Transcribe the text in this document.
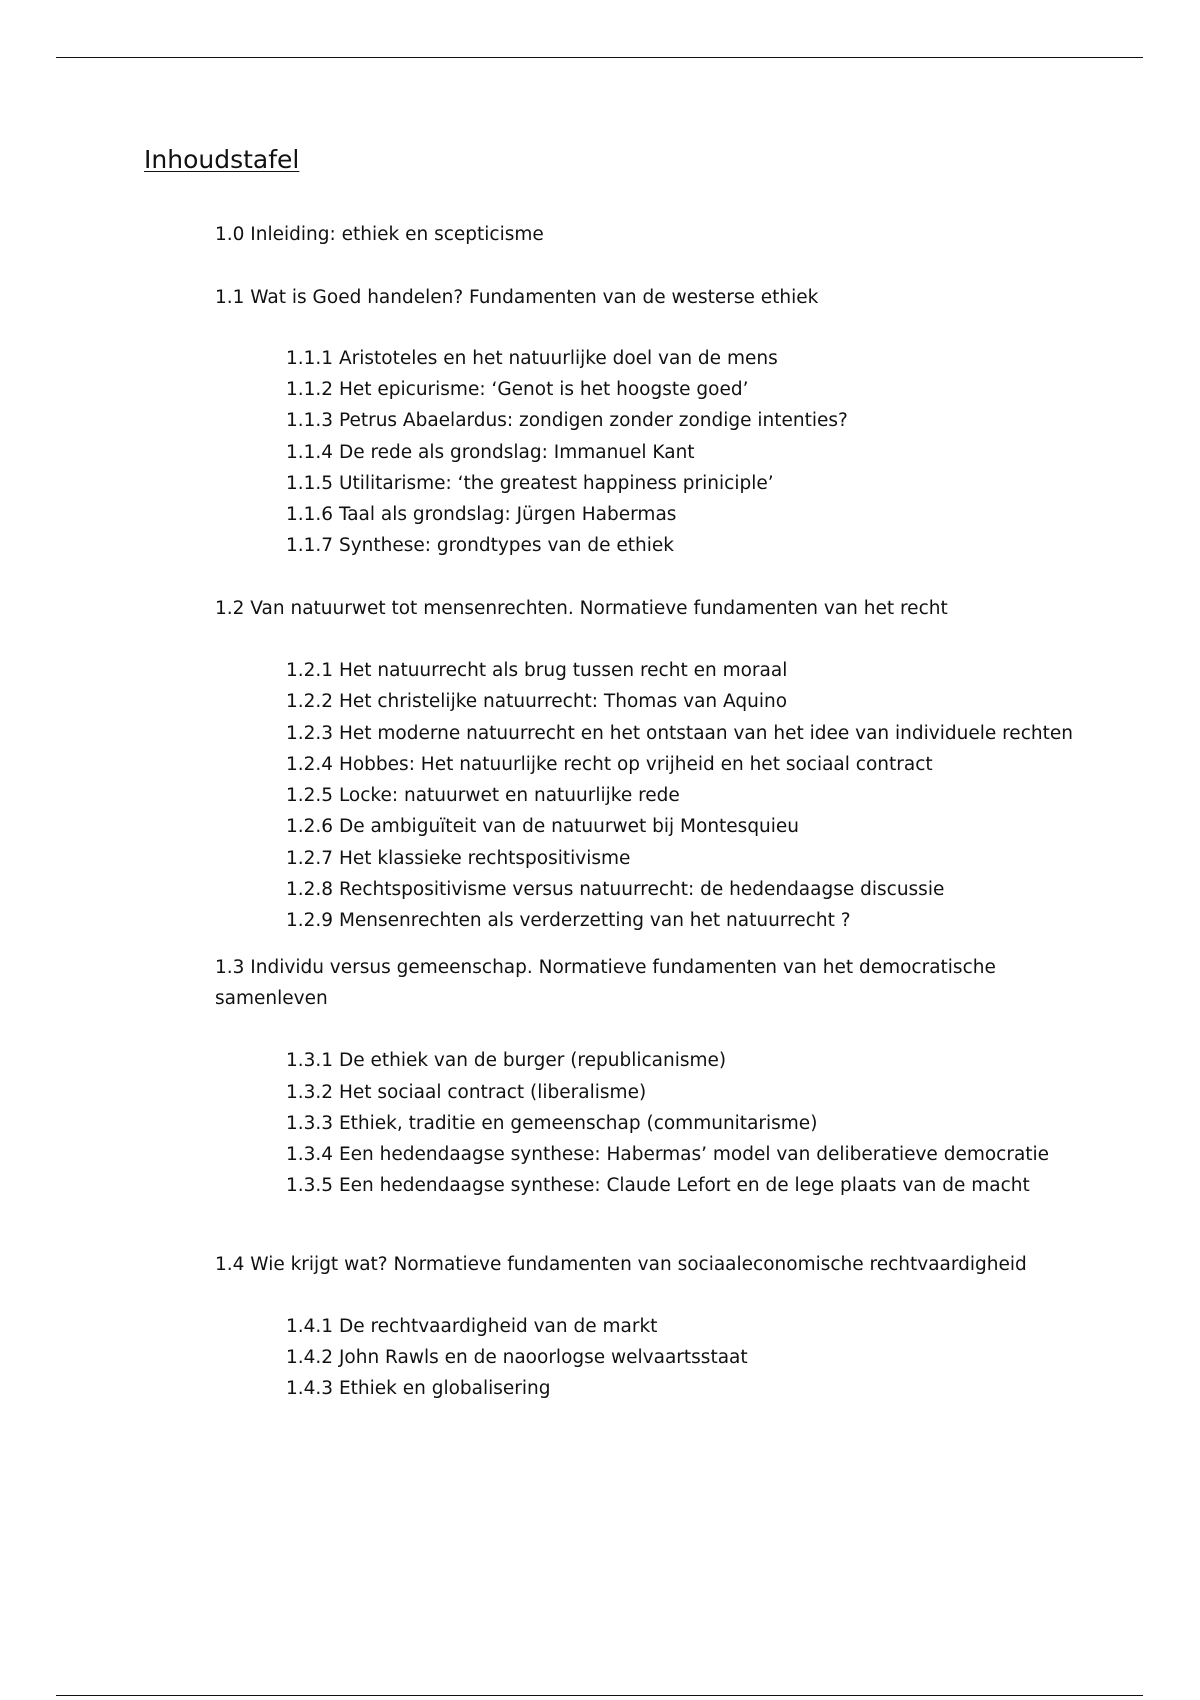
Inhoudstafel
1.0 Inleiding: ethiek en scepticisme
1.1 Wat is Goed handelen? Fundamenten van de westerse ethiek
1.1.1 Aristoteles en het natuurlijke doel van de mens
1.1.2 Het epicurisme: ‘Genot is het hoogste goed’
1.1.3 Petrus Abaelardus: zondigen zonder zondige intenties?
1.1.4 De rede als grondslag: Immanuel Kant
1.1.5 Utilitarisme: ‘the greatest happiness priniciple’
1.1.6 Taal als grondslag: Jürgen Habermas
1.1.7 Synthese: grondtypes van de ethiek
1.2 Van natuurwet tot mensenrechten. Normatieve fundamenten van het recht
1.2.1 Het natuurrecht als brug tussen recht en moraal
1.2.2 Het christelijke natuurrecht: Thomas van Aquino
1.2.3 Het moderne natuurrecht en het ontstaan van het idee van individuele rechten
1.2.4 Hobbes: Het natuurlijke recht op vrijheid en het sociaal contract
1.2.5 Locke: natuurwet en natuurlijke rede
1.2.6 De ambiguïteit van de natuurwet bij Montesquieu
1.2.7 Het klassieke rechtspositivisme
1.2.8 Rechtspositivisme versus natuurrecht: de hedendaagse discussie
1.2.9 Mensenrechten als verderzetting van het natuurrecht ?
1.3 Individu versus gemeenschap. Normatieve fundamenten van het democratische
samenleven
1.3.1 De ethiek van de burger (republicanisme)
1.3.2 Het sociaal contract (liberalisme)
1.3.3 Ethiek, traditie en gemeenschap (communitarisme)
1.3.4 Een hedendaagse synthese: Habermas’ model van deliberatieve democratie
1.3.5 Een hedendaagse synthese: Claude Lefort en de lege plaats van de macht
1.4 Wie krijgt wat? Normatieve fundamenten van sociaaleconomische rechtvaardigheid
1.4.1 De rechtvaardigheid van de markt
1.4.2 John Rawls en de naoorlogse welvaartsstaat
1.4.3 Ethiek en globalisering
